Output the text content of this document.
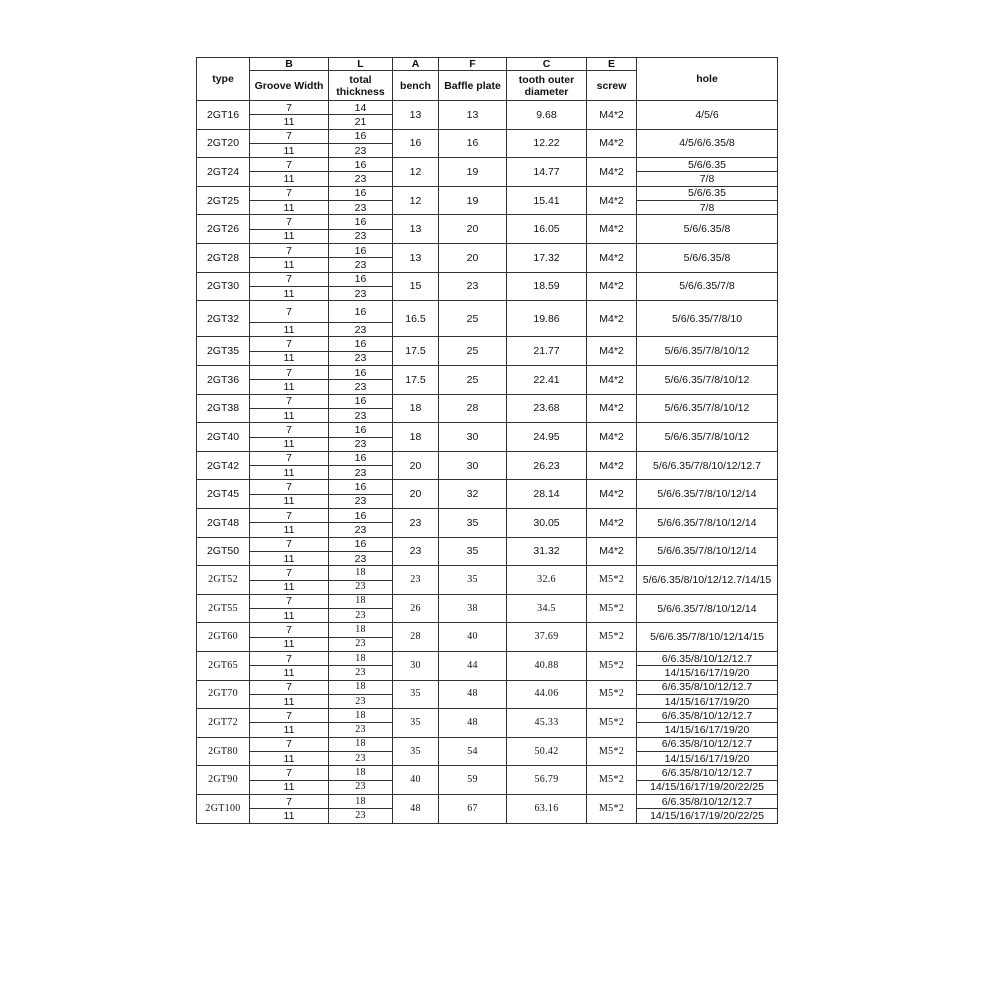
type	B	L	A	F	C	E	hole
	Groove Width	total thickness	bench	Baffle plate	tooth outer diameter	screw	
2GT16	7	14	13	13	9.68	M4*2	4/5/6
	11	21					
2GT20	7	16	16	16	12.22	M4*2	4/5/6/6.35/8
	11	23					
2GT24	7	16	12	19	14.77	M4*2	5/6/6.35
	11	23					7/8
2GT25	7	16	12	19	15.41	M4*2	5/6/6.35
	11	23					7/8
2GT26	7	16	13	20	16.05	M4*2	5/6/6.35/8
	11	23					
2GT28	7	16	13	20	17.32	M4*2	5/6/6.35/8
	11	23					
2GT30	7	16	15	23	18.59	M4*2	5/6/6.35/7/8
	11	23					
2GT32	7	16	16.5	25	19.86	M4*2	5/6/6.35/7/8/10
	11	23					
2GT35	7	16	17.5	25	21.77	M4*2	5/6/6.35/7/8/10/12
	11	23					
2GT36	7	16	17.5	25	22.41	M4*2	5/6/6.35/7/8/10/12
	11	23					
2GT38	7	16	18	28	23.68	M4*2	5/6/6.35/7/8/10/12
	11	23					
2GT40	7	16	18	30	24.95	M4*2	5/6/6.35/7/8/10/12
	11	23					
2GT42	7	16	20	30	26.23	M4*2	5/6/6.35/7/8/10/12/12.7
	11	23					
2GT45	7	16	20	32	28.14	M4*2	5/6/6.35/7/8/10/12/14
	11	23					
2GT48	7	16	23	35	30.05	M4*2	5/6/6.35/7/8/10/12/14
	11	23					
2GT50	7	16	23	35	31.32	M4*2	5/6/6.35/7/8/10/12/14
	11	23					
2GT52	7	18	23	35	32.6	M5*2	5/6/6.35/8/10/12/12.7/14/15
	11	23					
2GT55	7	18	26	38	34.5	M5*2	5/6/6.35/7/8/10/12/14
	11	23					
2GT60	7	18	28	40	37.69	M5*2	5/6/6.35/7/8/10/12/14/15
	11	23					
2GT65	7	18	30	44	40.88	M5*2	6/6.35/8/10/12/12.7
	11	23					14/15/16/17/19/20
2GT70	7	18	35	48	44.06	M5*2	6/6.35/8/10/12/12.7
	11	23					14/15/16/17/19/20
2GT72	7	18	35	48	45.33	M5*2	6/6.35/8/10/12/12.7
	11	23					14/15/16/17/19/20
2GT80	7	18	35	54	50.42	M5*2	6/6.35/8/10/12/12.7
	11	23					14/15/16/17/19/20
2GT90	7	18	40	59	56.79	M5*2	6/6.35/8/10/12/12.7
	11	23					14/15/16/17/19/20/22/25
2GT100	7	18	48	67	63.16	M5*2	6/6.35/8/10/12/12.7
	11	23					14/15/16/17/19/20/22/25
